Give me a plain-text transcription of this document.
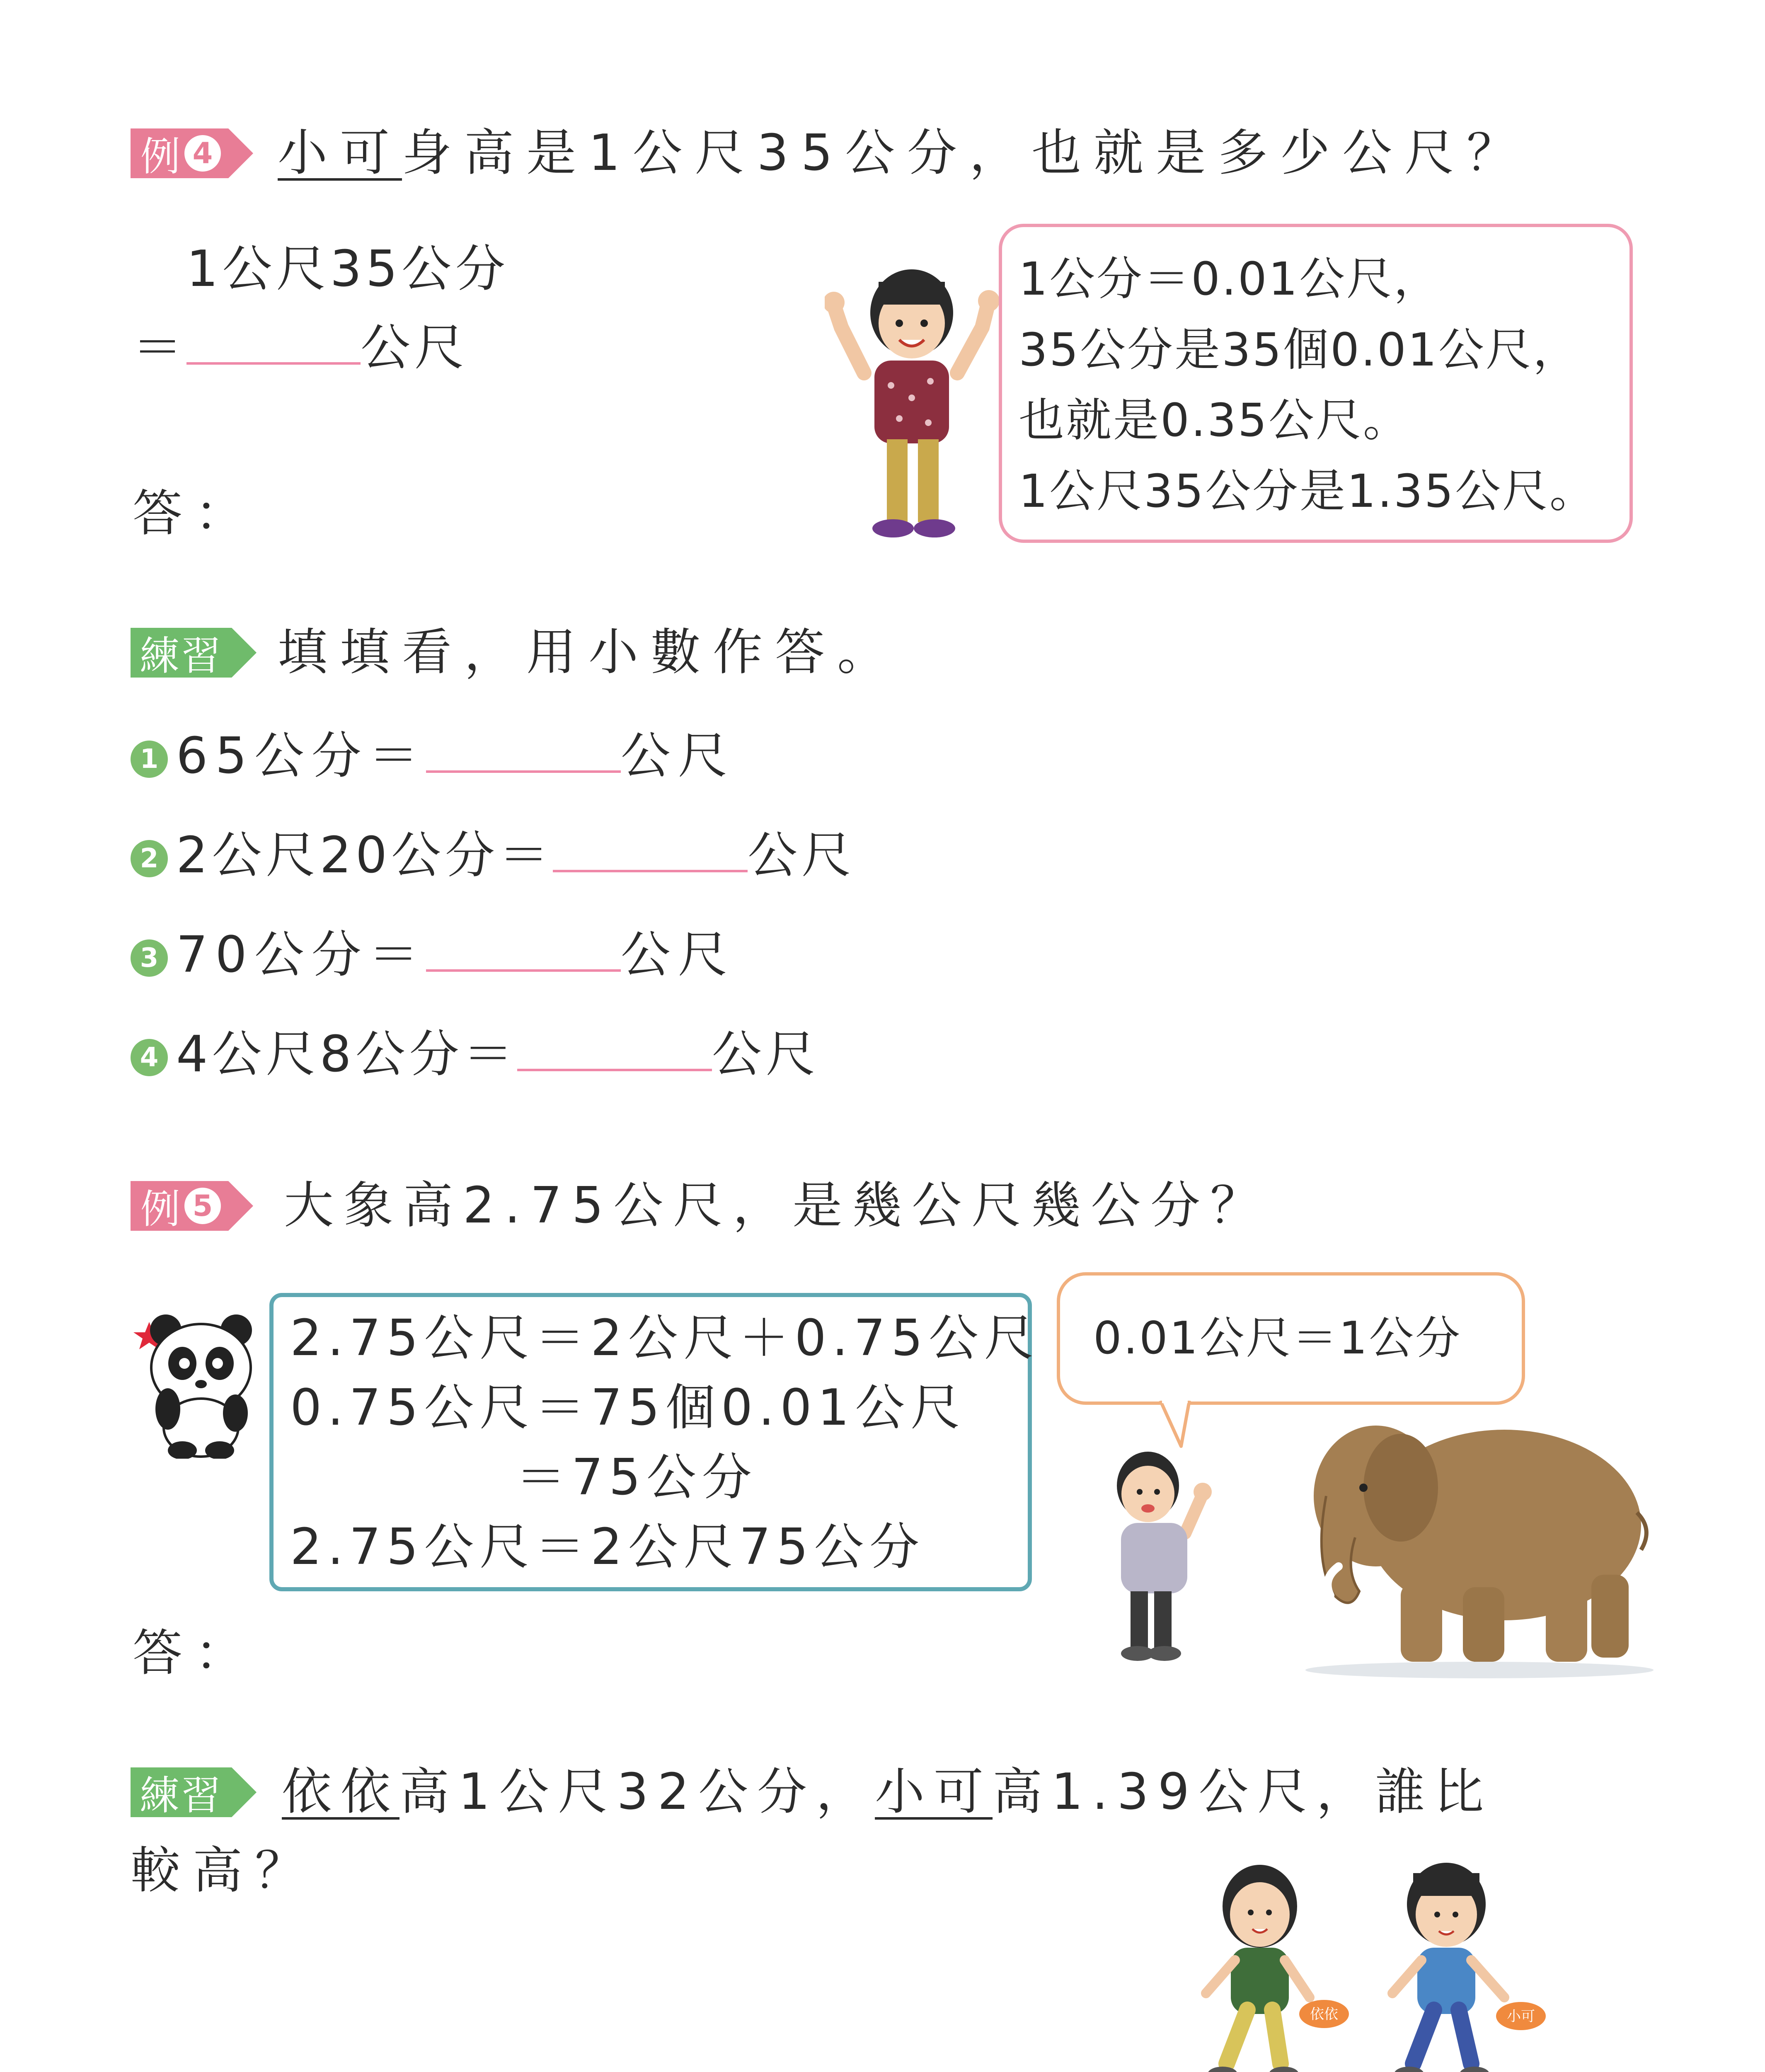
例 4 小可身高是1公尺35公分，也就是多少公尺？
1公尺35公分
＝	公尺
答：
1公分＝0.01公尺，
35公分是35個0.01公尺，
也就是0.35公尺。
1公尺35公分是1.35公尺。
練習 填填看，用小數作答。
1 65公分＝	公尺
2 2公尺20公分＝	公尺
3 70公分＝	公尺
4 4公尺8公分＝	公尺
例 5 大象高2.75公尺，是幾公尺幾公分？
2.75公尺＝2公尺＋0.75公尺
0.75公尺＝75個0.01公尺
＝75公分
2.75公尺＝2公尺75公分
0.01公尺＝1公分
答：
練習 依依高1公尺32公分，小可高1.39公尺，誰比
較高？
依依	小可
